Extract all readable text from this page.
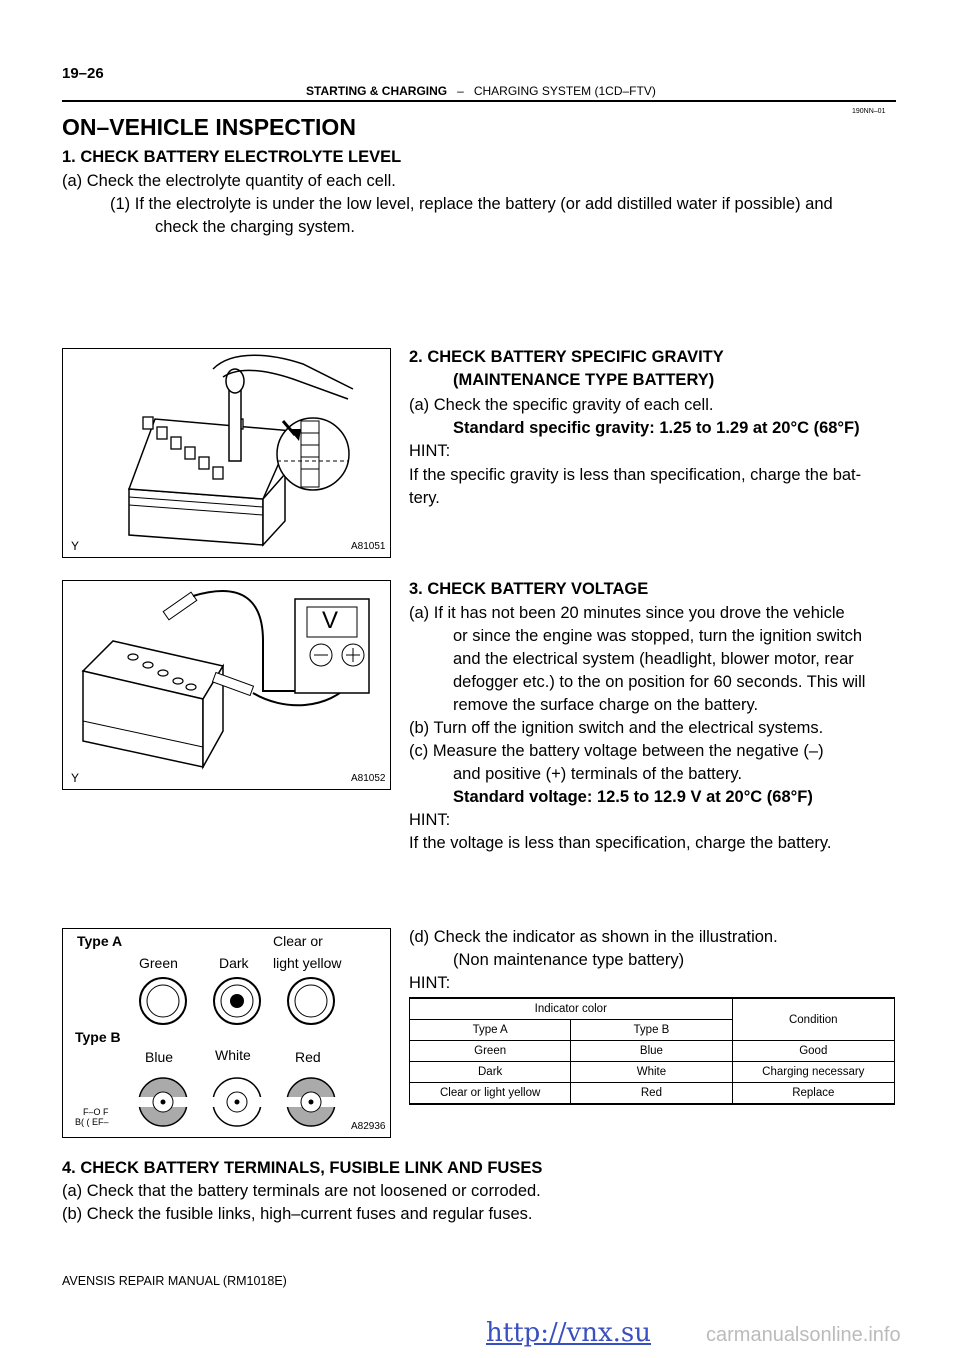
19–26
STARTING & CHARGING – CHARGING SYSTEM (1CD–FTV)
190NN–01
ON–VEHICLE INSPECTION
1. CHECK BATTERY ELECTROLYTE LEVEL
(a) Check the electrolyte quantity of each cell.
(1) If the electrolyte is under the low level, replace the battery (or add distilled water if possible) and
check the charging system.
Y	A81051
2. CHECK BATTERY SPECIFIC GRAVITY
(MAINTENANCE TYPE BATTERY)
(a) Check the specific gravity of each cell.
Standard specific gravity: 1.25 to 1.29 at 20°C (68°F)
HINT:
If the specific gravity is less than specification, charge the bat-
tery.
V
Y	A81052
3. CHECK BATTERY VOLTAGE
(a) If it has not been 20 minutes since you drove the vehicle
or since the engine was stopped, turn the ignition switch
and the electrical system (headlight, blower motor, rear
defogger etc.) to the on position for 60 seconds. This will
remove the surface charge on the battery.
(b) Turn off the ignition switch and the electrical systems.
(c) Measure the battery voltage between the negative (–)
and positive (+) terminals of the battery.
Standard voltage: 12.5 to 12.9 V at 20°C (68°F)
HINT:
If the voltage is less than specification, charge the battery.
Type A	Clear or
light yellow
Green	Dark
Type B
Blue	White	Red
F–O F
B( ( EF–	A82936
(d) Check the indicator as shown in the illustration.
(Non maintenance type battery)
HINT:
Indicator color		Condition
Type A	Type B	
Green	Blue	Good
Dark	White	Charging necessary
Clear or light yellow	Red	Replace
4. CHECK BATTERY TERMINALS, FUSIBLE LINK AND FUSES
(a) Check that the battery terminals are not loosened or corroded.
(b) Check the fusible links, high–current fuses and regular fuses.
AVENSIS REPAIR MANUAL (RM1018E)
http://vnx.su	carmanualsonline.info
